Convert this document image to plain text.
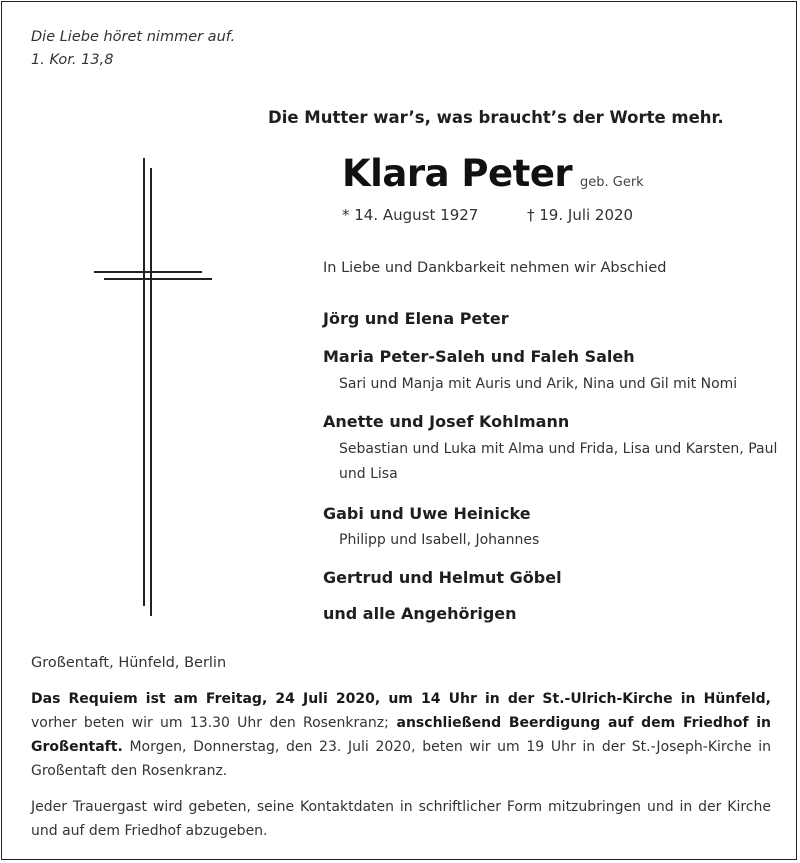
Die Liebe höret nimmer auf.
1. Kor. 13,8
Die Mutter war’s, was braucht’s der Worte mehr.
Klara Peter geb. Gerk
* 14. August 1927	† 19. Juli 2020
In Liebe und Dankbarkeit nehmen wir Abschied
Jörg und Elena Peter
Maria Peter-Saleh und Faleh Saleh
Sari und Manja mit Auris und Arik, Nina und Gil mit Nomi
Anette und Josef Kohlmann
Sebastian und Luka mit Alma und Frida, Lisa und Karsten, Paul und Lisa
Gabi und Uwe Heinicke
Philipp und Isabell, Johannes
Gertrud und Helmut Göbel
und alle Angehörigen
Großentaft, Hünfeld, Berlin
Das Requiem ist am Freitag, 24 Juli 2020, um 14 Uhr in der St.-Ulrich-Kirche in Hünfeld, vorher beten wir um 13.30 Uhr den Rosenkranz; anschließend Beerdigung auf dem Friedhof in Großentaft. Morgen, Donnerstag, den 23. Juli 2020, beten wir um 19 Uhr in der St.-Joseph-Kirche in Großentaft den Rosenkranz.
Jeder Trauergast wird gebeten, seine Kontaktdaten in schriftlicher Form mitzubringen und in der Kirche und auf dem Friedhof abzugeben.
